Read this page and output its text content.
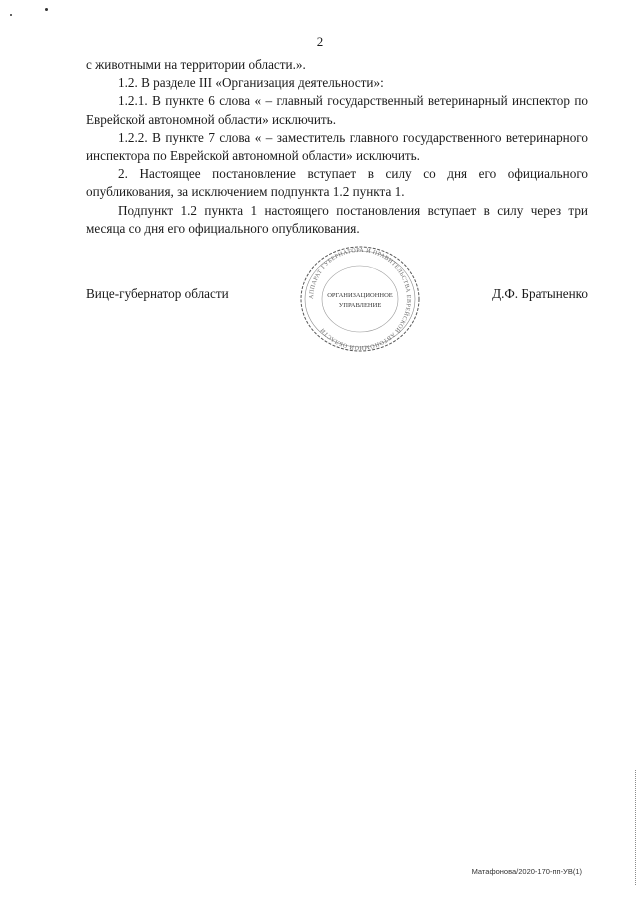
2

с животными на территории области.».

1.2. В разделе III «Организация деятельности»:

1.2.1. В пункте 6 слова « – главный государственный ветеринарный инспектор по Еврейской автономной области» исключить.

1.2.2. В пункте 7 слова « – заместитель главного государственного ветеринарного инспектора по Еврейской автономной области» исключить.

2. Настоящее постановление вступает в силу со дня его официального опубликования, за исключением подпункта 1.2 пункта 1.

Подпункт 1.2 пункта 1 настоящего постановления вступает в силу через три месяца со дня его официального опубликования.

Вице-губернатор области	Д.Ф. Братыненко
АППАРАТ ГУБЕРНАТОРА И ПРАВИТЕЛЬСТВА ЕВРЕЙСКОЙ АВТОНОМНОЙ ОБЛАСТИ
ОРГАНИЗАЦИОННОЕ
УПРАВЛЕНИЕ
Матафонова/2020-170-пп-УВ(1)
